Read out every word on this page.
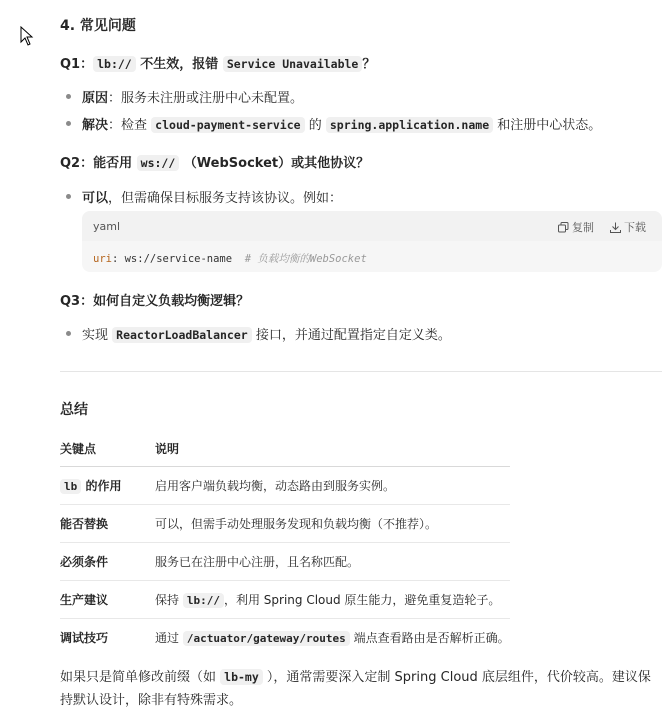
4. 常见问题
Q1： lb:// 不生效，报错 Service Unavailable ？
原因：服务未注册或注册中心未配置。
解决：检查 cloud-payment-service 的 spring.application.name 和注册中心状态。
Q2：能否用 ws:// （WebSocket）或其他协议？
可以，但需确保目标服务支持该协议。例如：
yaml	复制	下载
uri: ws://service-name # 负载均衡的WebSocket
Q3：如何自定义负载均衡逻辑？
实现 ReactorLoadBalancer 接口，并通过配置指定自定义类。
总结
关键点	说明
lb 的作用	启用客户端负载均衡，动态路由到服务实例。
能否替换	可以，但需手动处理服务发现和负载均衡（不推荐）。
必须条件	服务已在注册中心注册，且名称匹配。
生产建议	保持 lb:// ，利用 Spring Cloud 原生能力，避免重复造轮子。
调试技巧	通过 /actuator/gateway/routes 端点查看路由是否解析正确。
如果只是简单修改前缀（如 lb-my ），通常需要深入定制 Spring Cloud 底层组件，代价较高。建议保持默认设计，除非有特殊需求。
